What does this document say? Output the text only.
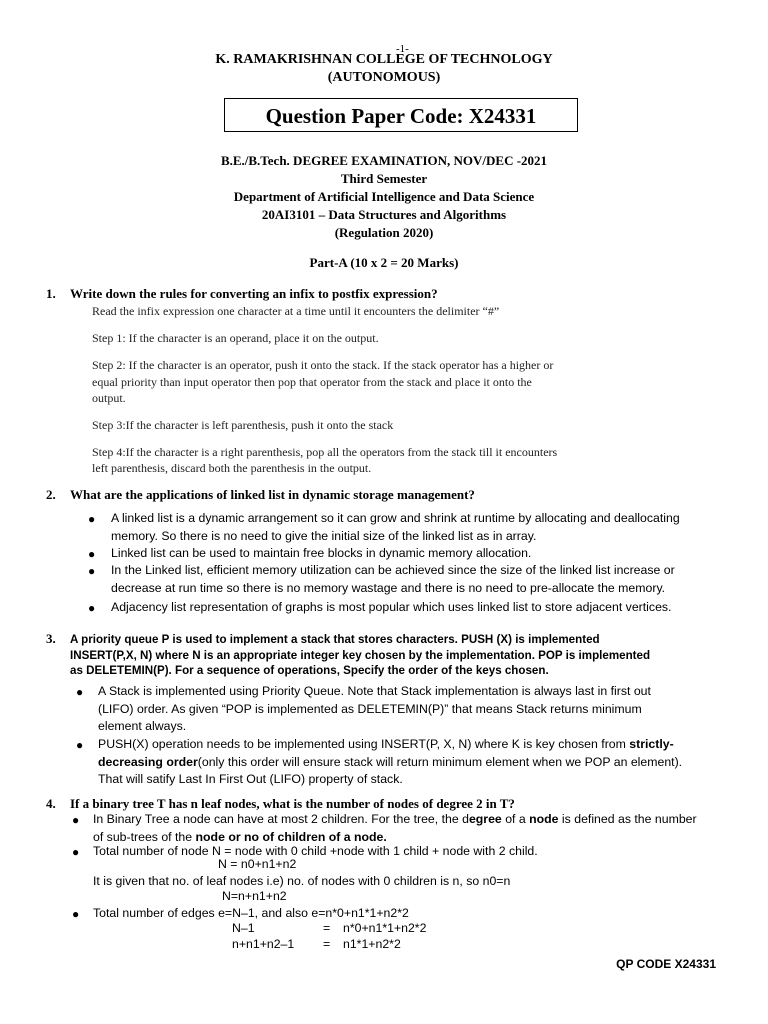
-1-
K. RAMAKRISHNAN COLLEGE OF TECHNOLOGY
(AUTONOMOUS)
Question Paper Code: X24331
B.E./B.Tech. DEGREE EXAMINATION, NOV/DEC -2021
Third Semester
Department of Artificial Intelligence and Data Science
20AI3101 – Data Structures and Algorithms
(Regulation 2020)
Part-A (10 x 2 = 20 Marks)
1. Write down the rules for converting an infix to postfix expression?
Read the infix expression one character at a time until it encounters the delimiter “#”
Step 1: If the character is an operand, place it on the output.
Step 2: If the character is an operator, push it onto the stack. If the stack operator has a higher or
equal priority than input operator then pop that operator from the stack and place it onto the
output.
Step 3:If the character is left parenthesis, push it onto the stack
Step 4:If the character is a right parenthesis, pop all the operators from the stack till it encounters
left parenthesis, discard both the parenthesis in the output.
2. What are the applications of linked list in dynamic storage management?
● A linked list is a dynamic arrangement so it can grow and shrink at runtime by allocating and deallocating
memory. So there is no need to give the initial size of the linked list as in array.
● Linked list can be used to maintain free blocks in dynamic memory allocation.
● In the Linked list, efficient memory utilization can be achieved since the size of the linked list increase or
decrease at run time so there is no memory wastage and there is no need to pre-allocate the memory.
● Adjacency list representation of graphs is most popular which uses linked list to store adjacent vertices.
3. A priority queue P is used to implement a stack that stores characters. PUSH (X) is implemented
INSERT(P,X, N) where N is an appropriate integer key chosen by the implementation. POP is implemented
as DELETEMIN(P). For a sequence of operations, Specify the order of the keys chosen.
● A Stack is implemented using Priority Queue. Note that Stack implementation is always last in first out
(LIFO) order. As given “POP is implemented as DELETEMIN(P)” that means Stack returns minimum
element always.
● PUSH(X) operation needs to be implemented using INSERT(P, X, N) where K is key chosen from strictly-
decreasing order(only this order will ensure stack will return minimum element when we POP an element).
That will satify Last In First Out (LIFO) property of stack.
4. If a binary tree T has n leaf nodes, what is the number of nodes of degree 2 in T?
● In Binary Tree a node can have at most 2 children. For the tree, the degree of a node is defined as the number
of sub-trees of the node or no of children of a node.
● Total number of node N = node with 0 child +node with 1 child + node with 2 child.
N = n0+n1+n2
It is given that no. of leaf nodes i.e) no. of nodes with 0 children is n, so n0=n
N=n+n1+n2
● Total number of edges e=N–1, and also e=n*0+n1*1+n2*2
N–1	= n*0+n1*1+n2*2
n+n1+n2–1 = n1*1+n2*2
QP CODE X24331
